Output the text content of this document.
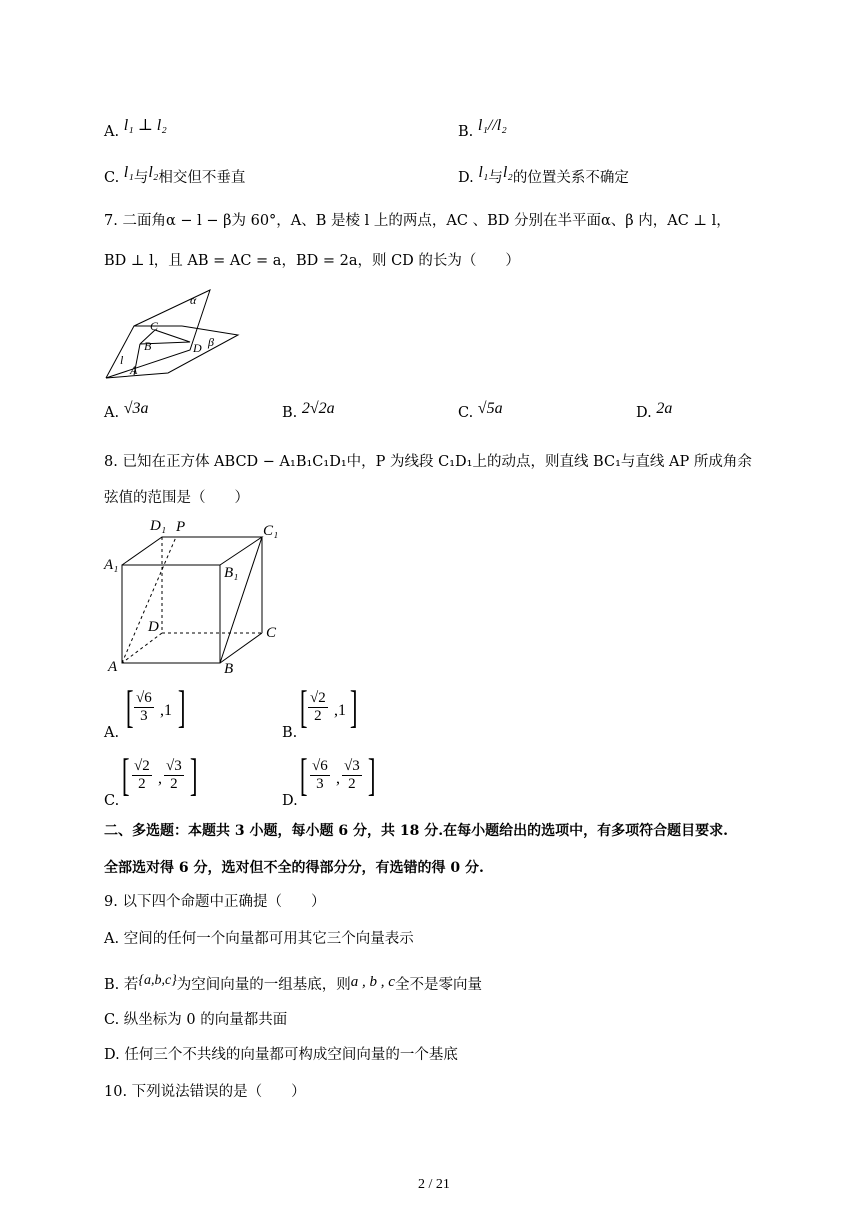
A. l₁ ⊥ l₂	B. l₁//l₂
C. l₁与l₂相交但不垂直	D. l₁与l₂的位置关系不确定
7. 二面角α − l − β为 60°，A、B 是棱 l 上的两点，AC 、BD 分别在半平面α、β 内，AC ⊥ l，
BD ⊥ l，且 AB = AC = a，BD = 2a，则 CD 的长为（　　）
α
C
B	D β
l
A
A. √3a	B. 2√2a	C. √5a	D. 2a
8. 已知在正方体 ABCD − A₁B₁C₁D₁中，P 为线段 C₁D₁上的动点，则直线 BC₁与直线 AP 所成角余
弦值的范围是（　　）
D₁ P	C₁
A₁	B₁
D	C
A	B
A.
[ $\frac{√6}{3} ,1$ ]
B.
[ $\frac{√2}{2} ,1$ ]
C.
[ $\frac{√2}{2}$ , $\frac{√3}{2}$ ]
D.
[ $\frac{√6}{3}$ , $\frac{√3}{2}$ ]
二、多选题：本题共 3 小题，每小题 6 分，共 18 分.在每小题给出的选项中，有多项符合题目要求.
全部选对得 6 分，选对但不全的得部分分，有选错的得 0 分.
9. 以下四个命题中正确提（　　）
A. 空间的任何一个向量都可用其它三个向量表示
B. 若{a,b,c}为空间向量的一组基底，则a , b , c全不是零向量
C. 纵坐标为 0 的向量都共面
D. 任何三个不共线的向量都可构成空间向量的一个基底
10. 下列说法错误的是（　　）
2 / 21
